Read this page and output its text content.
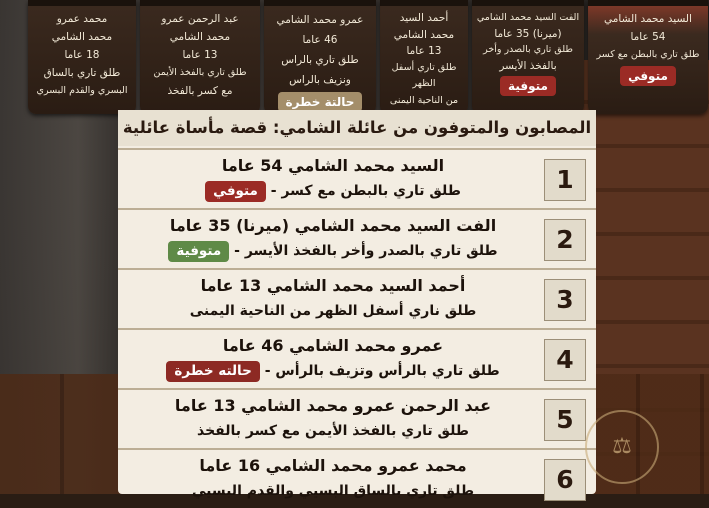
السيد محمد الشامي
54 عاما
طلق تاري بالبطن مع كسر
متوفي
الفت السيد محمد الشامي
(ميرنا) 35 عاما
طلق تاري بالصدر وأخر
بالفخذ الأيسر
متوفية
أحمد السيد
محمد الشامي
13 عاما
طلق تاري أسفل الظهر
من الناحية اليمنى
عمرو محمد الشامي
46 عاما
طلق تاري بالراس
ونزيف بالراس
حالتة خطرة
عبد الرحمن عمرو
محمد الشامي
13 عاما
طلق تاري بالفخذ الأيمن
مع كسر بالفخذ
محمد عمرو
محمد الشامي
18 عاما
طلق تاري بالساق
البسري والقدم البسري
المصابون والمتوفون من عائلة الشامي: قصة مأساة عائلية
1
السيد محمد الشامي 54 عاما
طلق تاري بالبطن مع كسر - متوفي
2
الفت السيد محمد الشامي (ميرنا) 35 عاما
طلق تاري بالصدر وأخر بالفخذ الأيسر - متوفية
3
أحمد السيد محمد الشامي 13 عاما
طلق ناري أسفل الظهر من الناحية اليمنى
4
عمرو محمد الشامي 46 عاما
طلق تاري بالرأس وتزيف بالرأس - حالته خطرة
5
عبد الرحمن عمرو محمد الشامي 13 عاما
طلق تاري بالفخذ الأيمن مع كسر بالفخذ
6
محمد عمرو محمد الشامي 16 عاما
طلق تاري بالساق البسيي والقدم البسيي
⚖
